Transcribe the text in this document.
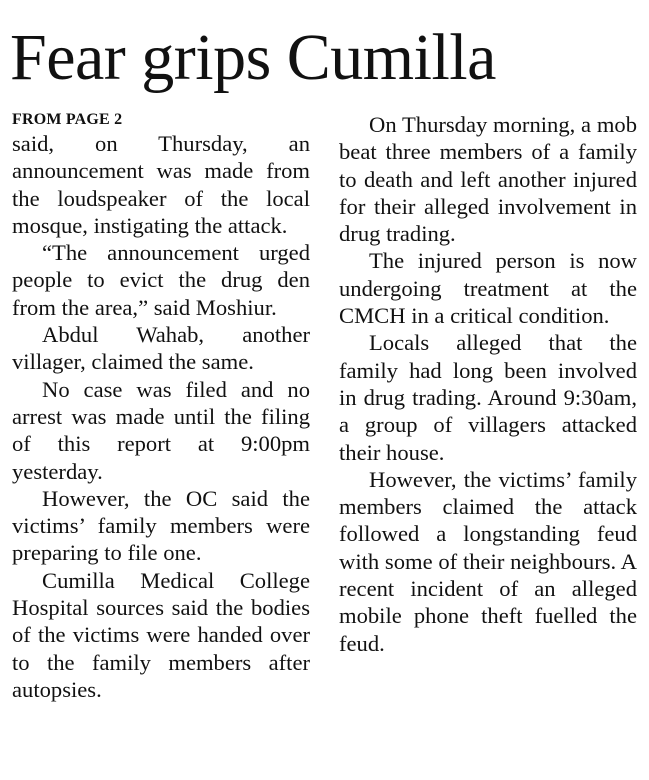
Fear grips Cumilla
FROM PAGE 2

said, on Thursday, an announcement was made from the loudspeaker of the local mosque, instigating the attack.

“The announcement urged people to evict the drug den from the area,” said Moshiur.

Abdul Wahab, another villager, claimed the same.

No case was filed and no arrest was made until the filing of this report at 9:00pm yesterday.

However, the OC said the victims’ family members were preparing to file one.

Cumilla Medical College Hospital sources said the bodies of the victims were handed over to the family members after autopsies.

On Thursday morning, a mob beat three members of a family to death and left another injured for their alleged involvement in drug trading.

The injured person is now undergoing treatment at the CMCH in a critical condition.

Locals alleged that the family had long been involved in drug trading. Around 9:30am, a group of villagers attacked their house.

However, the victims’ family members claimed the attack followed a longstanding feud with some of their neighbours. A recent incident of an alleged mobile phone theft fuelled the feud.
